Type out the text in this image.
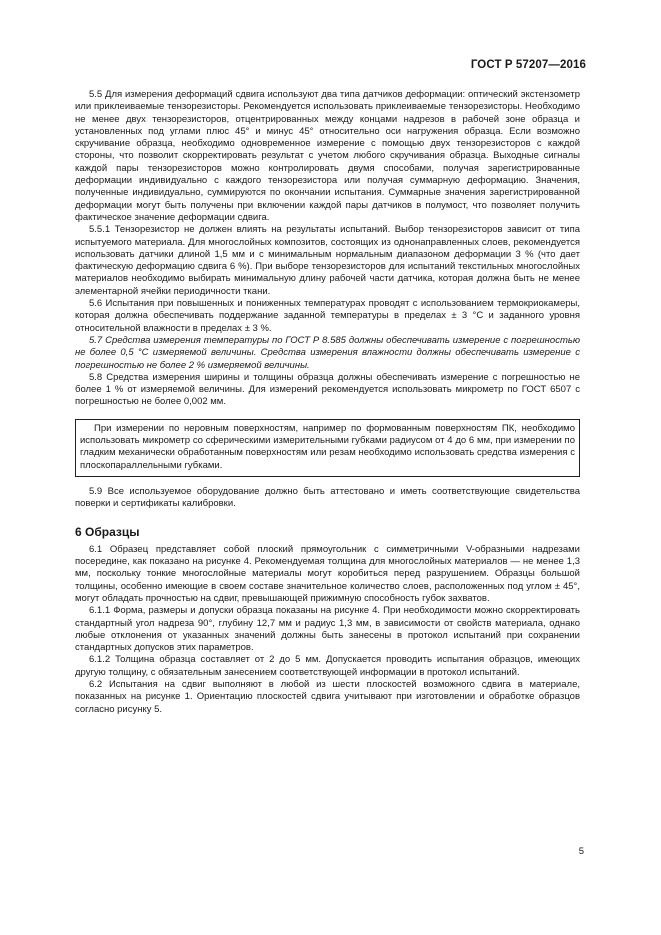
ГОСТ Р 57207—2016

5.5 Для измерения деформаций сдвига используют два типа датчиков деформации: оптический экстензометр или приклеиваемые тензорезисторы. Рекомендуется использовать приклеиваемые тензорезисторы. Необходимо не менее двух тензорезисторов, отцентрированных между концами надрезов в рабочей зоне образца и установленных под углами плюс 45° и минус 45° относительно оси нагружения образца. Если возможно скручивание образца, необходимо одновременное измерение с помощью двух тензорезисторов с каждой стороны, что позволит скорректировать результат с учетом любого скручивания образца. Выходные сигналы каждой пары тензорезисторов можно контролировать двумя способами, получая зарегистрированные деформации индивидуально с каждого тензорезистора или получая суммарную деформацию. Значения, полученные индивидуально, суммируются по окончании испытания. Суммарные значения зарегистрированной деформации могут быть получены при включении каждой пары датчиков в полумост, что позволяет получить фактическое значение деформации сдвига.

5.5.1 Тензорезистор не должен влиять на результаты испытаний. Выбор тензорезисторов зависит от типа испытуемого материала. Для многослойных композитов, состоящих из однонаправленных слоев, рекомендуется использовать датчики длиной 1,5 мм и с минимальным нормальным диапазоном деформации 3 % (что дает фактическую деформацию сдвига 6 %). При выборе тензорезисторов для испытаний текстильных многослойных материалов необходимо выбирать минимальную длину рабочей части датчика, которая должна быть не менее элементарной ячейки периодичности ткани.

5.6 Испытания при повышенных и пониженных температурах проводят с использованием термокриокамеры, которая должна обеспечивать поддержание заданной температуры в пределах ± 3 °С и заданного уровня относительной влажности в пределах ± 3 %.

5.7 Средства измерения температуры по ГОСТ Р 8.585 должны обеспечивать измерение с погрешностью не более 0,5 °С измеряемой величины. Средства измерения влажности должны обеспечивать измерение с погрешностью не более 2 % измеряемой величины.

5.8 Средства измерения ширины и толщины образца должны обеспечивать измерение с погрешностью не более 1 % от измеряемой величины. Для измерений рекомендуется использовать микрометр по ГОСТ 6507 с погрешностью не более 0,002 мм.

При измерении по неровным поверхностям, например по формованным поверхностям ПК, необходимо использовать микрометр со сферическими измерительными губками радиусом от 4 до 6 мм, при измерении по гладким механически обработанным поверхностям или резам необходимо использовать средства измерения с плоскопараллельными губками.

5.9 Все используемое оборудование должно быть аттестовано и иметь соответствующие свидетельства поверки и сертификаты калибровки.

6 Образцы

6.1 Образец представляет собой плоский прямоугольник с симметричными V-образными надрезами посередине, как показано на рисунке 4. Рекомендуемая толщина для многослойных материалов — не менее 1,3 мм, поскольку тонкие многослойные материалы могут коробиться перед разрушением. Образцы большой толщины, особенно имеющие в своем составе значительное количество слоев, расположенных под углом ± 45°, могут обладать прочностью на сдвиг, превышающей прижимную способность губок захватов.

6.1.1 Форма, размеры и допуски образца показаны на рисунке 4. При необходимости можно скорректировать стандартный угол надреза 90°, глубину 12,7 мм и радиус 1,3 мм, в зависимости от свойств материала, однако любые отклонения от указанных значений должны быть занесены в протокол испытаний при сохранении стандартных допусков этих параметров.

6.1.2 Толщина образца составляет от 2 до 5 мм. Допускается проводить испытания образцов, имеющих другую толщину, с обязательным занесением соответствующей информации в протокол испытаний.

6.2 Испытания на сдвиг выполняют в любой из шести плоскостей возможного сдвига в материале, показанных на рисунке 1. Ориентацию плоскостей сдвига учитывают при изготовлении и обработке образцов согласно рисунку 5.

5
